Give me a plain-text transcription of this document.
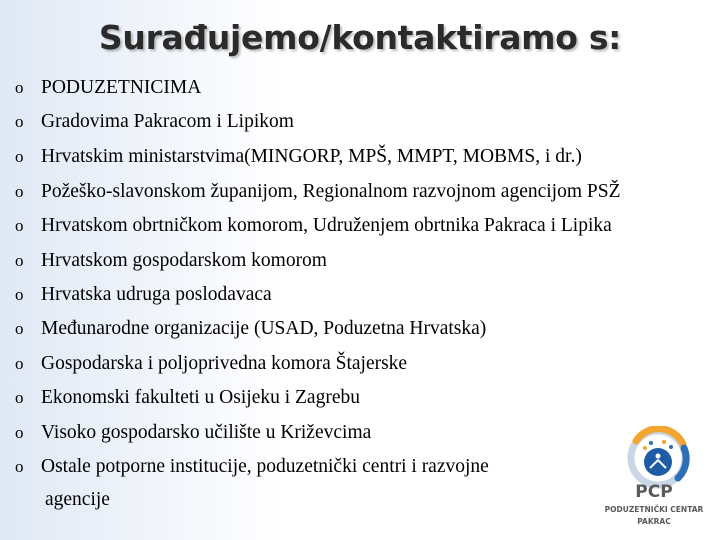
Surađujemo/kontaktiramo s:
o PODUZETNICIMA
o Gradovima Pakracom i Lipikom
o Hrvatskim ministarstvima(MINGORP, MPŠ, MMPT, MOBMS, i dr.)
o Požeško-slavonskom županijom, Regionalnom razvojnom agencijom PSŽ
o Hrvatskom obrtničkom komorom, Udruženjem obrtnika Pakraca i Lipika
o Hrvatskom gospodarskom komorom
o Hrvatska udruga poslodavaca
o Međunarodne organizacije (USAD, Poduzetna Hrvatska)
o Gospodarska i poljoprivedna komora Štajerske
o Ekonomski fakulteti u Osijeku i Zagrebu
o Visoko gospodarsko učilište u Križevcima
o Ostale potporne institucije, poduzetnički centri i razvojne
agencije	PCP
PODUZETNIČKI CENTAR
PAKRAC
